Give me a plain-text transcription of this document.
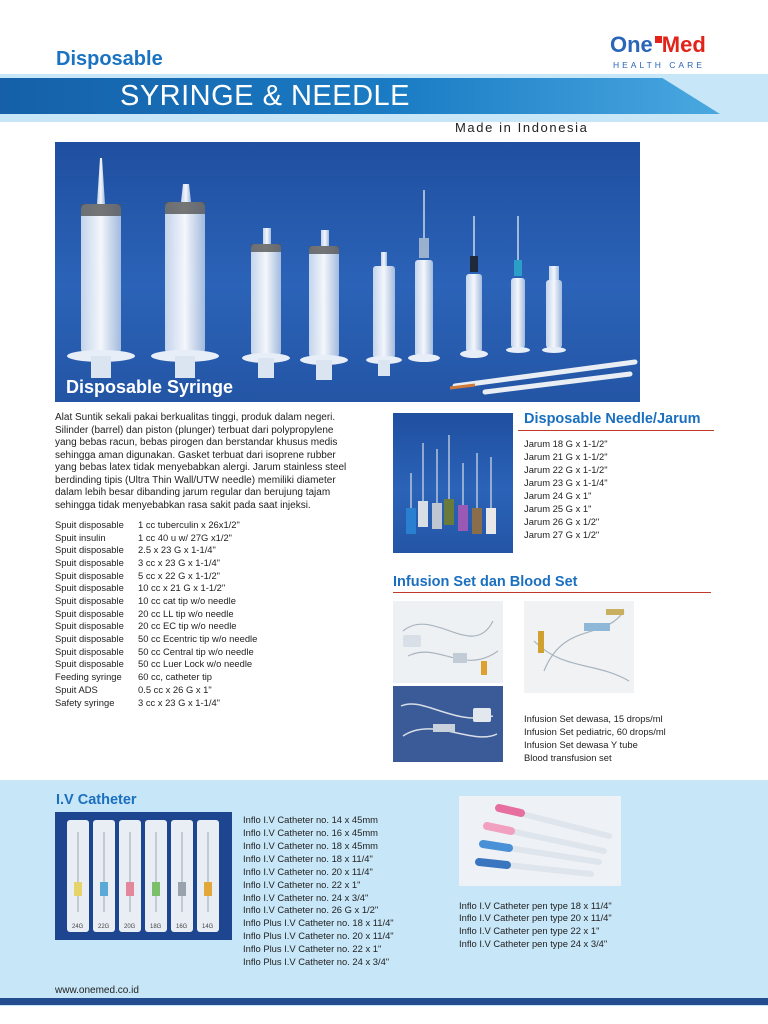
Disposable
SYRINGE & NEEDLE
One Med
HEALTH CARE
Made in Indonesia
Disposable Syringe
Alat Suntik sekali pakai berkualitas tinggi, produk dalam negeri.
Silinder (barrel) dan piston (plunger) terbuat dari polypropylene
yang bebas racun, bebas pirogen dan berstandar khusus medis
sehingga aman digunakan. Gasket terbuat dari isoprene rubber
yang bebas latex tidak menyebabkan alergi. Jarum stainless steel
berdinding tipis (Ultra Thin Wall/UTW needle) memiliki diameter
dalam lebih besar dibanding jarum regular dan berujung tajam
sehingga tidak menyebabkan rasa sakit pada saat injeksi.
Spuit disposable 1 cc tuberculin x 26x1/2"
Spuit insulin	1 cc 40 u w/ 27G x1/2"
Spuit disposable 2.5 x 23 G x 1-1/4"
Spuit disposable 3 cc x 23 G x 1-1/4"
Spuit disposable 5 cc x 22 G x 1-1/2"
Spuit disposable 10 cc x 21 G x 1-1/2"
Spuit disposable 10 cc cat tip w/o needle
Spuit disposable 20 cc LL tip w/o needle
Spuit disposable 20 cc EC tip w/o needle
Spuit disposable 50 cc Ecentric tip w/o needle
Spuit disposable 50 cc Central tip w/o needle
Spuit disposable 50 cc Luer Lock w/o needle
Feeding syringe 60 cc, catheter tip
Spuit ADS	0.5 cc x 26 G x 1"
Safety syringe	3 cc x 23 G x 1-1/4"
Disposable Needle/Jarum
Jarum 18 G x 1-1/2"
Jarum 21 G x 1-1/2"
Jarum 22 G x 1-1/2"
Jarum 23 G x 1-1/4"
Jarum 24 G x 1"
Jarum 25 G x 1"
Jarum 26 G x 1/2"
Jarum 27 G x 1/2"
Infusion Set dan Blood Set
Infusion Set dewasa, 15 drops/ml
Infusion Set pediatric, 60 drops/ml
Infusion Set dewasa Y tube
Blood transfusion set
I.V Catheter
24G 22G 20G 18G 16G 14G
Inflo I.V Catheter no. 14 x 45mm
Inflo I.V Catheter no. 16 x 45mm
Inflo I.V Catheter no. 18 x 45mm
Inflo I.V Catheter no. 18 x 11/4"
Inflo I.V Catheter no. 20 x 11/4"
Inflo I.V Catheter no. 22 x 1"
Inflo I.V Catheter no. 24 x 3/4"
Inflo I.V Catheter no. 26 G x 1/2"
Inflo Plus I.V Catheter no. 18 x 11/4"
Inflo Plus I.V Catheter no. 20 x 11/4"
Inflo Plus I.V Catheter no. 22 x 1"
Inflo Plus I.V Catheter no. 24 x 3/4"
Inflo I.V Catheter pen type 18 x 11/4"
Inflo I.V Catheter pen type 20 x 11/4"
Inflo I.V Catheter pen type 22 x 1"
Inflo I.V Catheter pen type 24 x 3/4"
www.onemed.co.id
